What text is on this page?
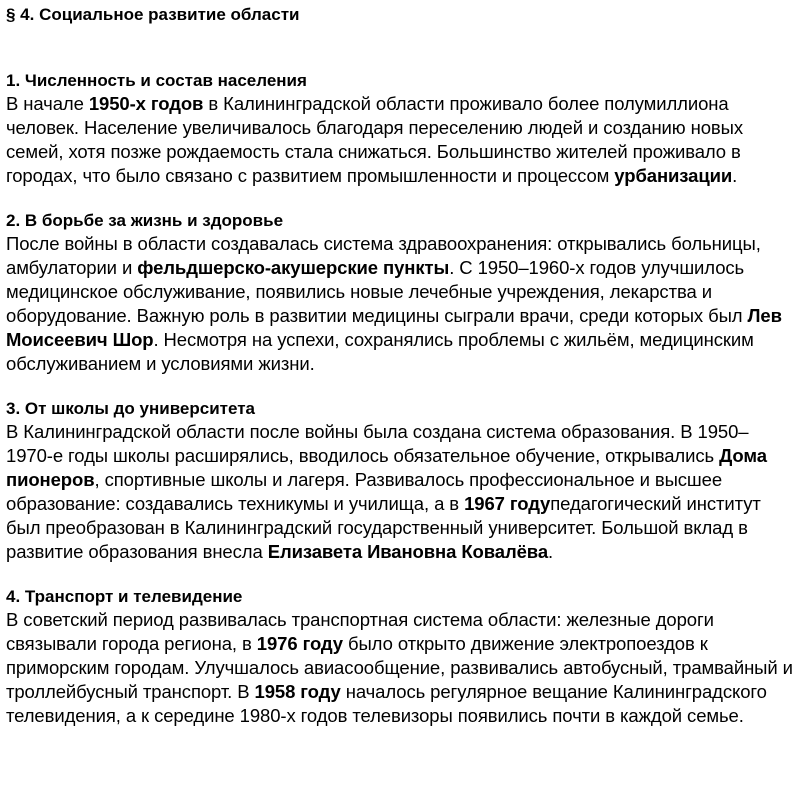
§ 4. Социальное развитие области
1. Численность и состав населения

В начале 1950-х годов в Калининградской области проживало более полумиллиона человек. Население увеличивалось благодаря переселению людей и созданию новых семей, хотя позже рождаемость стала снижаться. Большинство жителей проживало в городах, что было связано с развитием промышленности и процессом урбанизации.

2. В борьбе за жизнь и здоровье

После войны в области создавалась система здравоохранения: открывались больницы, амбулатории и фельдшерско-акушерские пункты. С 1950–1960-х годов улучшилось медицинское обслуживание, появились новые лечебные учреждения, лекарства и оборудование. Важную роль в развитии медицины сыграли врачи, среди которых был Лев Моисеевич Шор. Несмотря на успехи, сохранялись проблемы с жильём, медицинским обслуживанием и условиями жизни.

3. От школы до университета

В Калининградской области после войны была создана система образования. В 1950–1970-е годы школы расширялись, вводилось обязательное обучение, открывались Дома пионеров, спортивные школы и лагеря. Развивалось профессиональное и высшее образование: создавались техникумы и училища, а в 1967 годупедагогический институт был преобразован в Калининградский государственный университет. Большой вклад в развитие образования внесла Елизавета Ивановна Ковалёва.

4. Транспорт и телевидение

В советский период развивалась транспортная система области: железные дороги связывали города региона, в 1976 году было открыто движение электропоездов к приморским городам. Улучшалось авиасообщение, развивались автобусный, трамвайный и троллейбусный транспорт. В 1958 году началось регулярное вещание Калининградского телевидения, а к середине 1980-х годов телевизоры появились почти в каждой семье.
